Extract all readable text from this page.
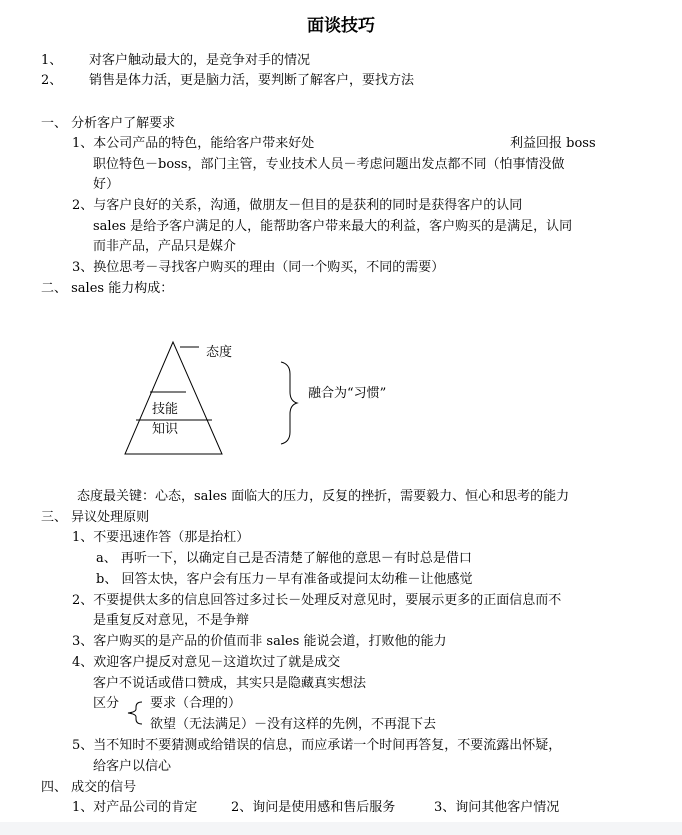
面谈技巧
1、 对客户触动最大的，是竞争对手的情况
2、 销售是体力活，更是脑力活，要判断了解客户，要找方法
一、 分析客户了解要求
1、本公司产品的特色，能给客户带来好处	利益回报 boss
职位特色－boss，部门主管，专业技术人员－考虑问题出发点都不同（怕事情没做
好）
2、与客户良好的关系，沟通，做朋友－但目的是获利的同时是获得客户的认同
sales 是给予客户满足的人，能帮助客户带来最大的利益，客户购买的是满足，认同
而非产品，产品只是媒介
3、换位思考－寻找客户购买的理由（同一个购买，不同的需要）
二、 sales 能力构成：
态度
技能
知识
融合为“习惯”
态度最关键：心态，sales 面临大的压力，反复的挫折，需要毅力、恒心和思考的能力
三、 异议处理原则
1、不要迅速作答（那是抬杠）
a、 再听一下，以确定自己是否清楚了解他的意思－有时总是借口
b、 回答太快，客户会有压力－早有准备或提问太幼稚－让他感觉
2、不要提供太多的信息回答过多过长－处理反对意见时，要展示更多的正面信息而不
是重复反对意见，不是争辩
3、客户购买的是产品的价值而非 sales 能说会道，打败他的能力
4、欢迎客户提反对意见－这道坎过了就是成交
客户不说话或借口赞成，其实只是隐藏真实想法
区分 要求（合理的）
欲望（无法满足）－没有这样的先例，不再混下去
5、当不知时不要猜测或给错误的信息，而应承诺一个时间再答复，不要流露出怀疑，
给客户以信心
四、 成交的信号
1、对产品公司的肯定	2、询问是使用感和售后服务	3、询问其他客户情况
